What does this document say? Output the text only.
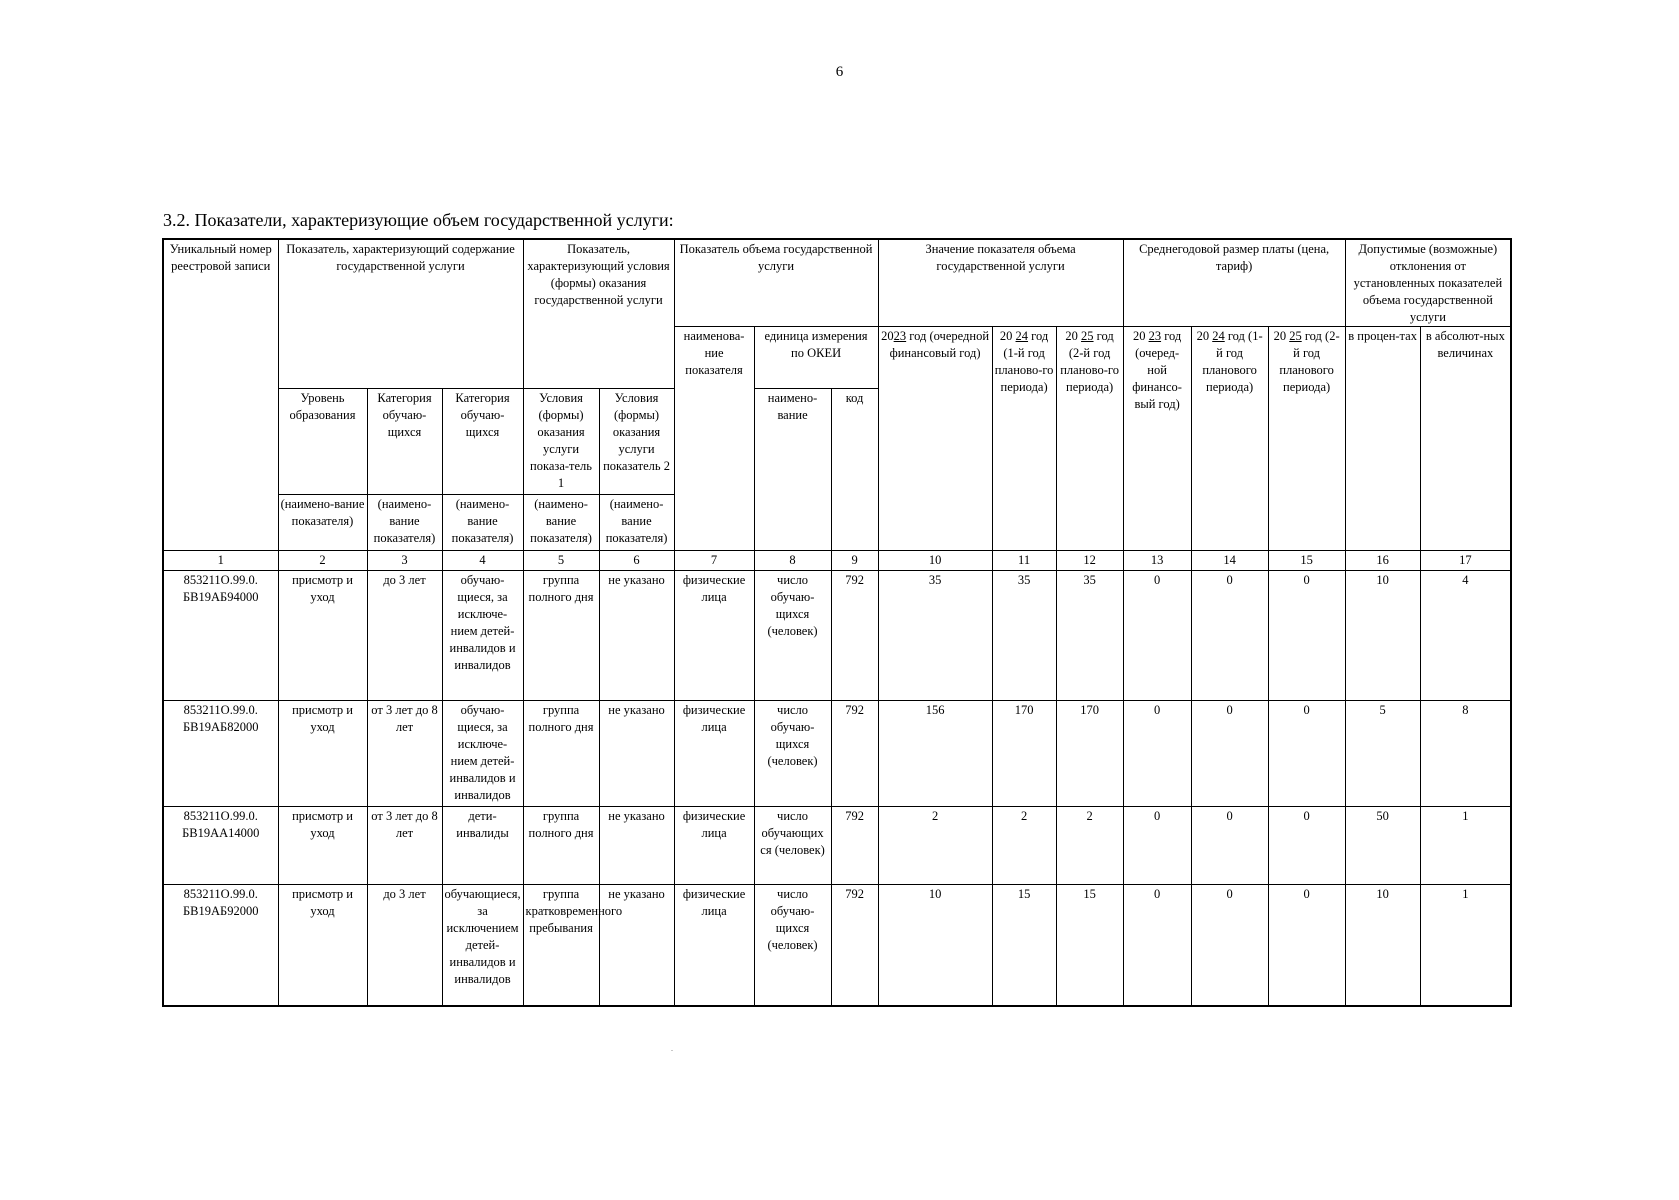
6
3.2. Показатели, характеризующие объем государственной услуги:
Уникальный номер реестровой записи	Показатель, характеризующий содержание государственной услуги			Показатель, характеризующий условия (формы) оказания государственной услуги		Показатель объема государственной услуги			Значение показателя объема государственной услуги			Среднегодовой размер платы (цена, тариф)			Допустимые (возможные) отклонения от установленных показателей объема государственной услуги	
						наименова-ние показателя	единица измерения по ОКЕИ		2023 год (очередной финансовый год)	20 24 год (1-й год планово-го периода)	20 25 год (2-й год планово-го периода)	20 23 год (очеред-ной финансо-вый год)	20 24 год (1-й год планового периода)	20 25 год (2-й год планового периода)	в процен-тах	в абсолют-ных величинах
	Уровень образования	Категория обучаю-щихся	Категория обучаю-щихся	Условия (формы) оказания услуги показа-тель 1	Условия (формы) оказания услуги показатель 2		наимено-вание	код								
	(наимено-вание показателя)	(наимено-вание показателя)	(наимено-вание показателя)	(наимено-вание показателя)	(наимено-вание показателя)											
1	2	3	4	5	6	7	8	9	10	11	12	13	14	15	16	17
853211О.99.0. БВ19АБ94000	присмотр и уход	до 3 лет	обучаю-щиеся, за исключе-нием детей-инвалидов и инвалидов	группа полного дня	не указано	физические лица	число обучаю-щихся (человек)	792	35	35	35	0	0	0	10	4
853211О.99.0. БВ19АБ82000	присмотр и уход	от 3 лет до 8 лет	обучаю-щиеся, за исключе-нием детей-инвалидов и инвалидов	группа полного дня	не указано	физические лица	число обучаю-щихся (человек)	792	156	170	170	0	0	0	5	8
853211О.99.0. БВ19АА14000	присмотр и уход	от 3 лет до 8 лет	дети-инвалиды	группа полного дня	не указано	физические лица	число обучающих ся (человек)	792	2	2	2	0	0	0	50	1
853211О.99.0. БВ19АБ92000	присмотр и уход	до 3 лет	обучающиеся, за исключением детей-инвалидов и инвалидов	группа кратковременного пребывания	не указано	физические лица	число обучаю-щихся (человек)	792	10	15	15	0	0	0	10	1
